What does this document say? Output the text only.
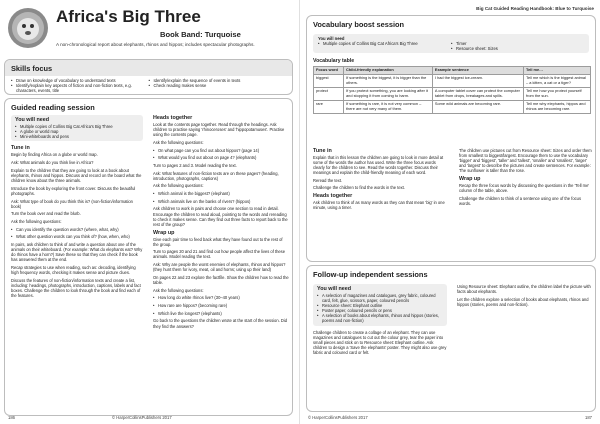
Africa's Big Three
Book Band: Turquoise
A non-chronological report about elephants, rhinos and hippos; includes spectacular photographs.
Skills focus
• Draw on knowledge of vocabulary to understand texts
• Identify/explain key aspects of fiction and non-fiction texts, e.g. characters, events, title
• Identify/explain the sequence of events in texts
• Check reading makes sense
Guided reading session
You will need
• Multiple copies of Collins Big Cat Africa's Big Three
• A globe or world map
• Mini-whiteboards and pens
Tune in
Begin by finding Africa on a globe or world map.
Ask: What animals do you think live in Africa?
Explain to the children that they are going to look at a book about elephants, rhinos and hippos. Discuss and record on the board what the children know about the three animals.
Introduce the book by exploring the front cover. Discuss the beautiful photographs.
Ask: What type of book do you think this is? (non-fiction/information book)
Turn the book over and read the blurb.
Ask the following questions:
• Can you identify the question words? (where, what, why)
• What other question words can you think of? (how, when, who)
In pairs, ask children to think of and write a question about one of the animals on their whiteboard. (For example: What do elephants eat? Why do rhinos have a horn?) Save these so that they can check if the book has answered them at the end.
Recap strategies to use when reading, such as: decoding, identifying high frequency words, checking it makes sense and picture clues.
Discuss the features of non-fiction/information texts and create a list, including: headings, photographs, introduction, captions, labels and fact boxes. Challenge the children to look through the book and find each of the features.
Heads together
Look at the contents page together. Read through the headings. Ask children to practise saying 'rhinoceroses' and 'hippopotamuses'. Practise using the contents page.
Ask the following questions:
• On what page can you find out about hippos? (page 14)
• What would you find out about on page 4? (elephants)
Turn to pages 2 and 3. Model reading the text.
Ask: What features of non-fiction texts are on these pages? (heading, introduction, photographs, captions)
Ask the following questions:
• Which animal is the biggest? (elephant)
• Which animals live on the banks of rivers? (hippos)
Ask children to work in pairs and choose one section to read in detail. Encourage the children to read aloud, pointing to the words and rereading to check it makes sense. Can they find out three facts to report back to the rest of the group?
Wrap up
Give each pair time to feed back what they have found out to the rest of the group.
Turn to pages 20 and 21 and find out how people affect the lives of these animals. Model reading the text.
Ask: Why are people the worst enemies of elephants, rhinos and hippos? (they hunt them for ivory, meat, oil and horns; using up their land)
On pages 22 and 23 explore the factfile. Show the children how to read the table.
Ask the following questions:
• How long do white rhinos live? (30–40 years)
• How rare are hippos? (becoming rare)
• Which live the longest? (elephants)
Go back to the questions the children wrote at the start of the session. Did they find the answers?
186	© HarperCollinsPublishers 2017
Big Cat Guided Reading Handbook: Blue to Turquoise
Vocabulary boost session
You will need
• Multiple copies of Collins Big Cat Africa's Big Three	• Timer
• Resource sheet: Sizes
Vocabulary table
Focus word	Child-friendly explanation	Example sentence	Tell me…
biggest	If something is the biggest, it is bigger than the others.	I had the biggest ice-cream.	Tell me which is the biggest animal – a kitten, a cat or a tiger?
protect	If you protect something, you are looking after it and stopping it from coming to harm.	A computer tablet cover can protect the computer tablet from drops, breakages and spills.	Tell me how you protect yourself from the sun.
rare	If something is rare, it is not very common – there are not very many of them.	Some wild animals are becoming rare.	Tell me why elephants, hippos and rhinos are becoming rare.
Tune in
Explain that in this lesson the children are going to look in more detail at some of the words the author has used. Write the three focus words clearly for the children to see. Read the words together. Discuss their meanings and explain the child-friendly meaning of each word.
Reread the text.
Challenge the children to find the words in the text.
Heads together
Ask children to think of as many words as they can that mean 'big' in one minute, using a timer.
The children use pictures cut from Resource sheet: Sizes and order them from smallest to biggest/largest. Encourage them to use the vocabulary 'bigger' and 'biggest', 'taller' and 'tallest', 'smaller' and 'smallest', 'larger' and 'largest' to describe the pictures and create sentences. For example: The sunflower is taller than the rose.
Wrap up
Recap the three focus words by discussing the questions in the 'Tell me' column of the table, above.
Challenge the children to think of a sentence using one of the focus words.
Follow-up independent sessions
You will need
• A selection of magazines and catalogues, grey fabric, coloured card, felt, glue, scissors, paper, coloured pencils
• Resource sheet: Elephant outline
• Poster paper, coloured pencils or pens
• A selection of books about elephants, rhinos and hippos (stories, poems and non-fiction)
Challenge children to create a collage of an elephant. They can use magazines and catalogues to cut out the colour grey, tear the paper into small pieces and stick on to Resource sheet: Elephant outline. Ask children to design a 'Save the elephants' poster. They might also use grey fabric and coloured card or felt.
Using Resource sheet: Elephant outline, the children label the picture with facts about elephants.
Let the children explore a selection of books about elephants, rhinos and hippos (stories, poems and non-fiction).
© HarperCollinsPublishers 2017	187
